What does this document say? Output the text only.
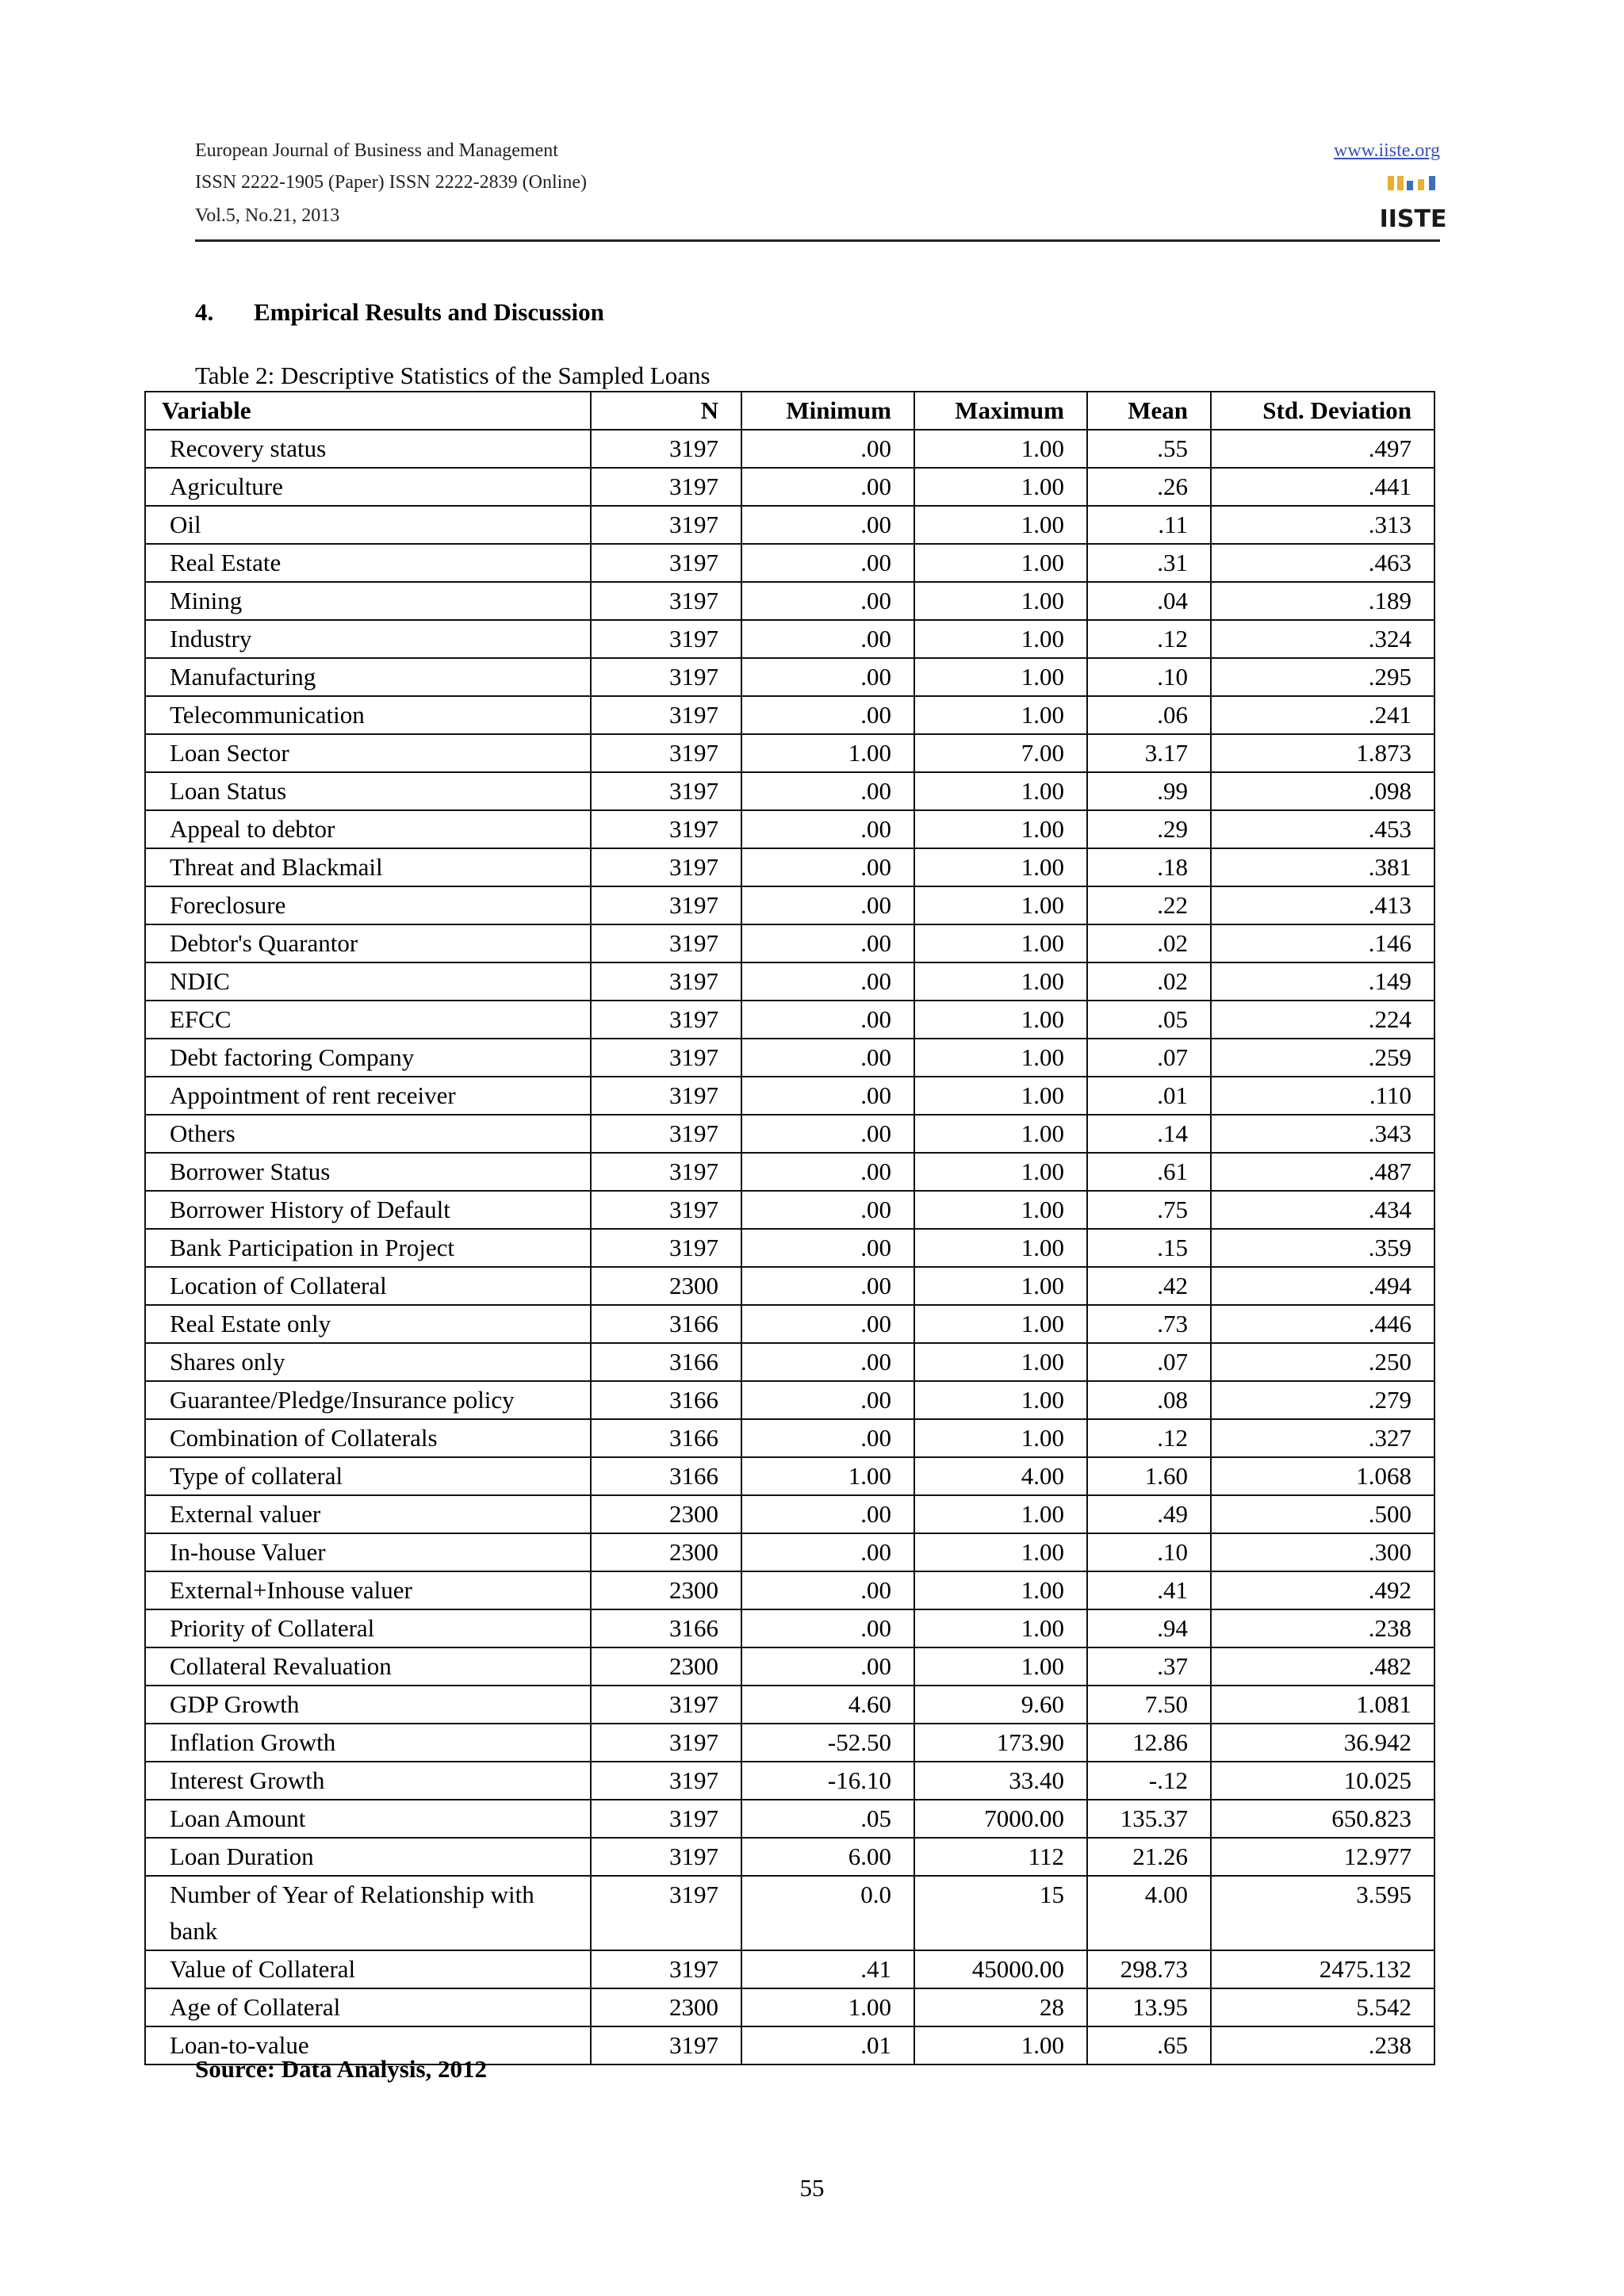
European Journal of Business and Management
ISSN 2222-1905 (Paper) ISSN 2222-2839 (Online)
Vol.5, No.21, 2013
www.iiste.org
IISTE
4. Empirical Results and Discussion
Table 2: Descriptive Statistics of the Sampled Loans
Variable	N	Minimum	Maximum	Mean	Std. Deviation
Recovery status	3197	.00	1.00	.55	.497
Agriculture	3197	.00	1.00	.26	.441
Oil	3197	.00	1.00	.11	.313
Real Estate	3197	.00	1.00	.31	.463
Mining	3197	.00	1.00	.04	.189
Industry	3197	.00	1.00	.12	.324
Manufacturing	3197	.00	1.00	.10	.295
Telecommunication	3197	.00	1.00	.06	.241
Loan Sector	3197	1.00	7.00	3.17	1.873
Loan Status	3197	.00	1.00	.99	.098
Appeal to debtor	3197	.00	1.00	.29	.453
Threat and Blackmail	3197	.00	1.00	.18	.381
Foreclosure	3197	.00	1.00	.22	.413
Debtor's Quarantor	3197	.00	1.00	.02	.146
NDIC	3197	.00	1.00	.02	.149
EFCC	3197	.00	1.00	.05	.224
Debt factoring Company	3197	.00	1.00	.07	.259
Appointment of rent receiver	3197	.00	1.00	.01	.110
Others	3197	.00	1.00	.14	.343
Borrower Status	3197	.00	1.00	.61	.487
Borrower History of Default	3197	.00	1.00	.75	.434
Bank Participation in Project	3197	.00	1.00	.15	.359
Location of Collateral	2300	.00	1.00	.42	.494
Real Estate only	3166	.00	1.00	.73	.446
Shares only	3166	.00	1.00	.07	.250
Guarantee/Pledge/Insurance policy	3166	.00	1.00	.08	.279
Combination of Collaterals	3166	.00	1.00	.12	.327
Type of collateral	3166	1.00	4.00	1.60	1.068
External valuer	2300	.00	1.00	.49	.500
In-house Valuer	2300	.00	1.00	.10	.300
External+Inhouse valuer	2300	.00	1.00	.41	.492
Priority of Collateral	3166	.00	1.00	.94	.238
Collateral Revaluation	2300	.00	1.00	.37	.482
GDP Growth	3197	4.60	9.60	7.50	1.081
Inflation Growth	3197	-52.50	173.90	12.86	36.942
Interest Growth	3197	-16.10	33.40	-.12	10.025
Loan Amount	3197	.05	7000.00	135.37	650.823
Loan Duration	3197	6.00	112	21.26	12.977
Number of Year of Relationship with bank	3197	0.0	15	4.00	3.595
Value of Collateral	3197	.41	45000.00	298.73	2475.132
Age of Collateral	2300	1.00	28	13.95	5.542
Loan-to-value	3197	.01	1.00	.65	.238
Source: Data Analysis, 2012
55
